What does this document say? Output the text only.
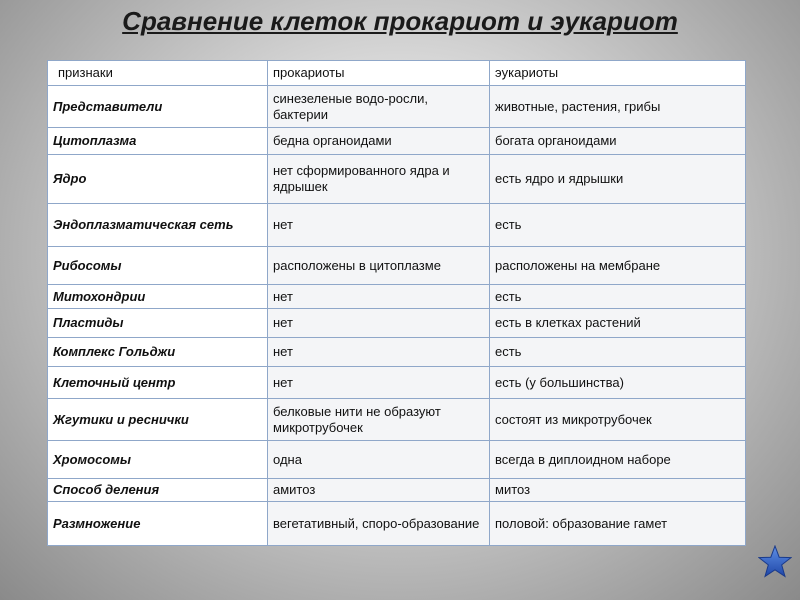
Сравнение клеток прокариот и эукариот
признаки	прокариоты	эукариоты
Представители	синезеленые водо-росли, бактерии	животные, растения, грибы
Цитоплазма	бедна органоидами	богата органоидами
Ядро	нет сформированного ядра и ядрышек	есть ядро и ядрышки
Эндоплазматическая сеть	нет	есть
Рибосомы	расположены в цитоплазме	расположены на мембране
Митохондрии	нет	есть
Пластиды	нет	есть в клетках растений
Комплекс Гольджи	нет	есть
Клеточный центр	нет	есть (у большинства)
Жгутики и реснички	белковые нити не образуют микротрубочек	состоят из микротрубочек
Хромосомы	одна	всегда в диплоидном наборе
Способ деления	амитоз	митоз
Размножение	вегетативный, споро-образование	половой: образование гамет
